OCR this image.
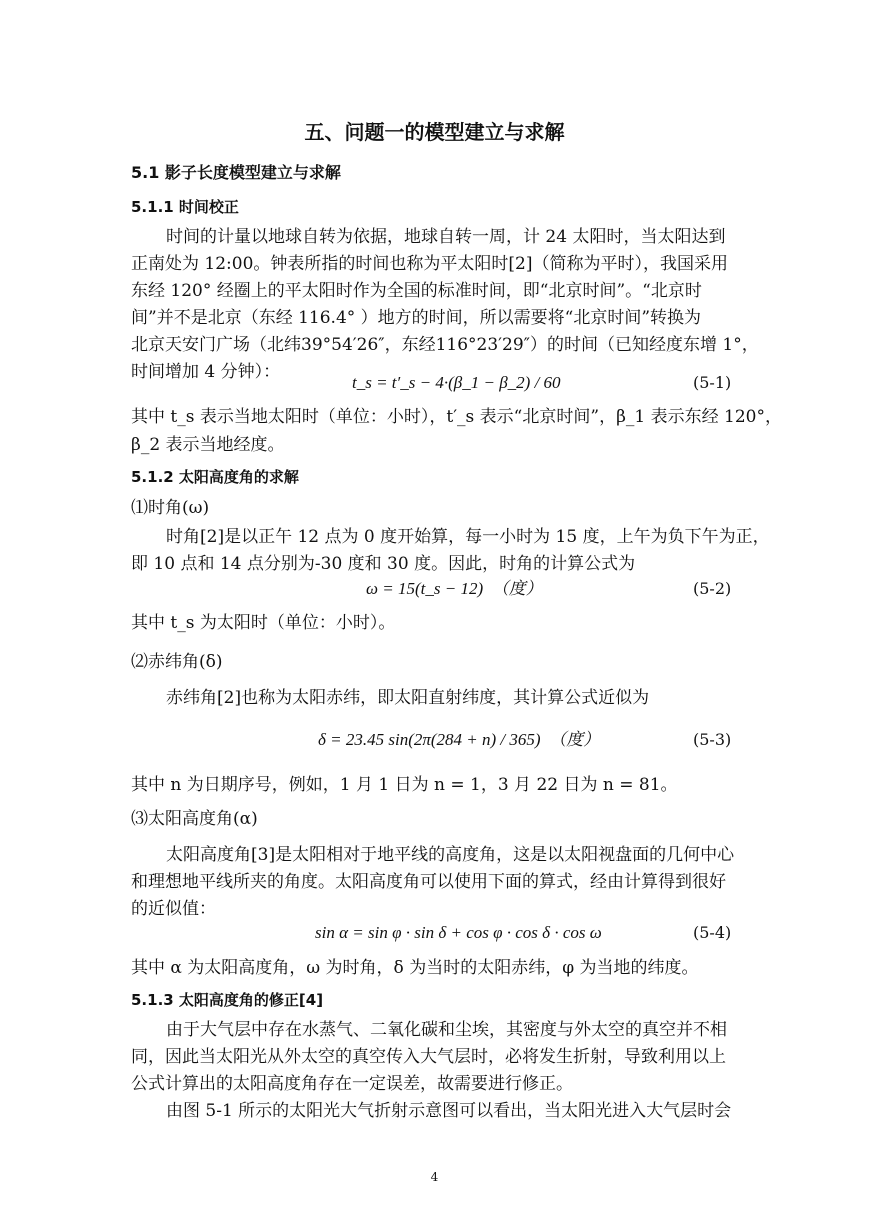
五、问题一的模型建立与求解
5.1 影子长度模型建立与求解
5.1.1 时间校正
时间的计量以地球自转为依据，地球自转一周，计 24 太阳时，当太阳达到
正南处为 12:00。钟表所指的时间也称为平太阳时[2]（简称为平时），我国采用
东经 120° 经圈上的平太阳时作为全国的标准时间，即“北京时间”。“北京时
间”并不是北京（东经 116.4° ）地方的时间，所以需要将“北京时间”转换为
北京天安门广场（北纬39°54′26″，东经116°23′29″）的时间（已知经度东增 1°，
时间增加 4 分钟）：
t_s = t′_s − 4·(β_1 − β_2) / 60	(5-1)
其中 t_s 表示当地太阳时（单位：小时），t′_s 表示“北京时间”，β_1 表示东经 120°，
β_2 表示当地经度。
5.1.2 太阳高度角的求解
⑴时角(ω)
时角[2]是以正午 12 点为 0 度开始算，每一小时为 15 度，上午为负下午为正，
即 10 点和 14 点分别为-30 度和 30 度。因此，时角的计算公式为
ω = 15(t_s − 12)　（度）	(5-2)
其中 t_s 为太阳时（单位：小时）。
⑵赤纬角(δ)
赤纬角[2]也称为太阳赤纬，即太阳直射纬度，其计算公式近似为
δ = 23.45 sin(2π(284 + n) / 365)　（度）	(5-3)
其中 n 为日期序号，例如，1 月 1 日为 n = 1，3 月 22 日为 n = 81。
⑶太阳高度角(α)
太阳高度角[3]是太阳相对于地平线的高度角，这是以太阳视盘面的几何中心
和理想地平线所夹的角度。太阳高度角可以使用下面的算式，经由计算得到很好
的近似值：
sin α = sin φ · sin δ + cos φ · cos δ · cos ω	(5-4)
其中 α 为太阳高度角，ω 为时角，δ 为当时的太阳赤纬，φ 为当地的纬度。
5.1.3 太阳高度角的修正[4]
由于大气层中存在水蒸气、二氧化碳和尘埃，其密度与外太空的真空并不相
同，因此当太阳光从外太空的真空传入大气层时，必将发生折射，导致利用以上
公式计算出的太阳高度角存在一定误差，故需要进行修正。
由图 5-1 所示的太阳光大气折射示意图可以看出，当太阳光进入大气层时会
4
